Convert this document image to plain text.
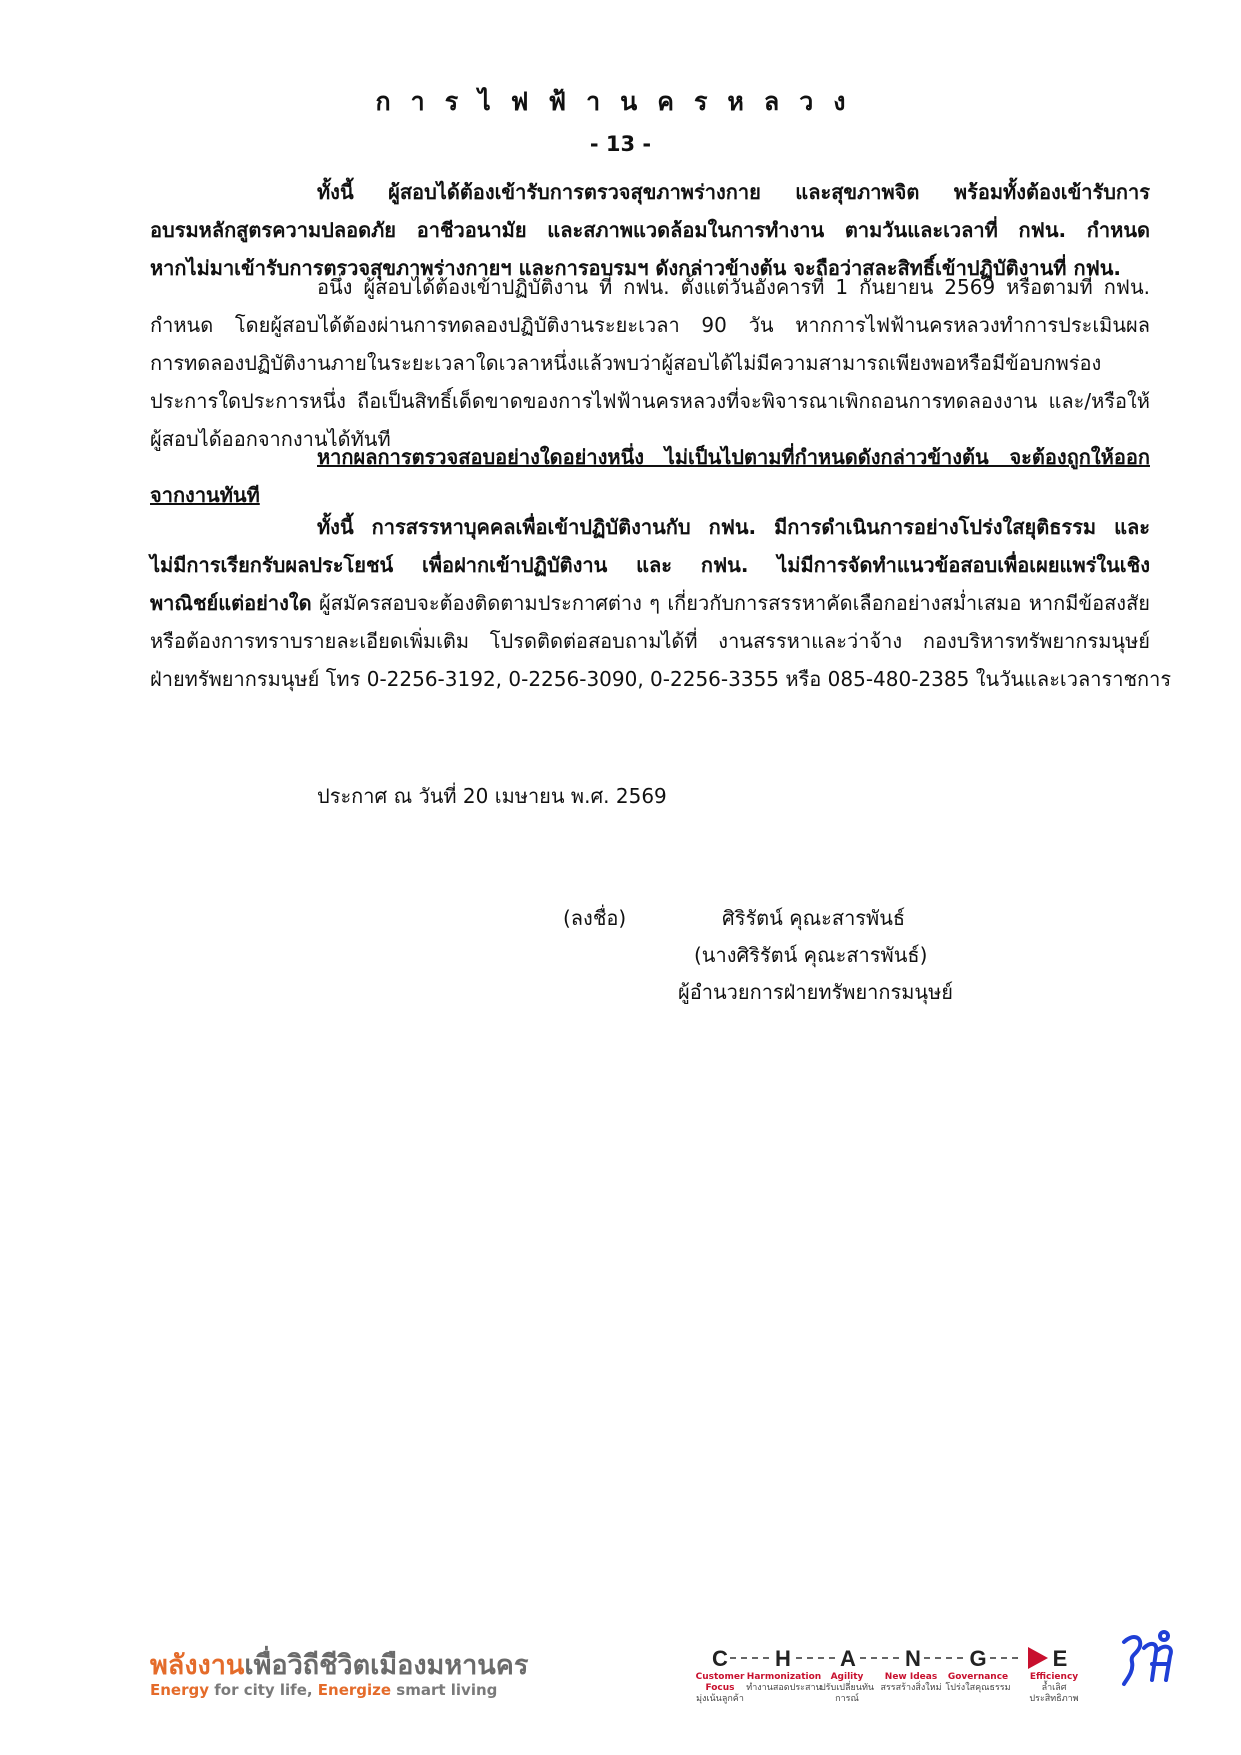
การไฟฟ้านครหลวง
- 13 -
ทั้งนี้ ผู้สอบได้ต้องเข้ารับการตรวจสุขภาพร่างกาย และสุขภาพจิต พร้อมทั้งต้องเข้ารับการ
อบรมหลักสูตรความปลอดภัย อาชีวอนามัย และสภาพแวดล้อมในการทำงาน ตามวันและเวลาที่ กฟน. กำหนด
หากไม่มาเข้ารับการตรวจสุขภาพร่างกายฯ และการอบรมฯ ดังกล่าวข้างต้น จะถือว่าสละสิทธิ์เข้าปฏิบัติงานที่ กฟน.
อนึ่ง ผู้สอบได้ต้องเข้าปฏิบัติงาน ที่ กฟน. ตั้งแต่วันอังคารที่ 1 กันยายน 2569 หรือตามที่ กฟน.
กำหนด โดยผู้สอบได้ต้องผ่านการทดลองปฏิบัติงานระยะเวลา 90 วัน หากการไฟฟ้านครหลวงทำการประเมินผล
การทดลองปฏิบัติงานภายในระยะเวลาใดเวลาหนึ่งแล้วพบว่าผู้สอบได้ไม่มีความสามารถเพียงพอหรือมีข้อบกพร่อง
ประการใดประการหนึ่ง ถือเป็นสิทธิ์เด็ดขาดของการไฟฟ้านครหลวงที่จะพิจารณาเพิกถอนการทดลองงาน และ/หรือให้
ผู้สอบได้ออกจากงานได้ทันที
หากผลการตรวจสอบอย่างใดอย่างหนึ่ง ไม่เป็นไปตามที่กำหนดดังกล่าวข้างต้น จะต้องถูกให้ออก
จากงานทันที
ทั้งนี้ การสรรหาบุคคลเพื่อเข้าปฏิบัติงานกับ กฟน. มีการดำเนินการอย่างโปร่งใสยุติธรรม และ
ไม่มีการเรียกรับผลประโยชน์ เพื่อฝากเข้าปฏิบัติงาน และ กฟน. ไม่มีการจัดทำแนวข้อสอบเพื่อเผยแพร่ในเชิง
พาณิชย์แต่อย่างใด ผู้สมัครสอบจะต้องติดตามประกาศต่าง ๆ เกี่ยวกับการสรรหาคัดเลือกอย่างสม่ำเสมอ หากมีข้อสงสัย
หรือต้องการทราบรายละเอียดเพิ่มเติม โปรดติดต่อสอบถามได้ที่ งานสรรหาและว่าจ้าง กองบริหารทรัพยากรมนุษย์
ฝ่ายทรัพยากรมนุษย์ โทร 0-2256-3192, 0-2256-3090, 0-2256-3355 หรือ 085-480-2385 ในวันและเวลาราชการ
ประกาศ ณ วันที่ 20 เมษายน พ.ศ. 2569
(ลงชื่อ)	ศิริรัตน์ คุณะสารพันธ์
(นางศิริรัตน์ คุณะสารพันธ์)
ผู้อำนวยการฝ่ายทรัพยากรมนุษย์
พลังงานเพื่อวิถีชีวิตเมืองมหานคร
Energy for city life, Energize smart living
C H A N G	E
Customer Focus
มุ่งเน้นลูกค้า
Harmonization
ทำงานสอดประสาน
Agility
ปรับเปลี่ยนทันการณ์
New Ideas
สรรสร้างสิ่งใหม่
Governance
โปร่งใสคุณธรรม
Efficiency
ล้ำเลิศประสิทธิภาพ
